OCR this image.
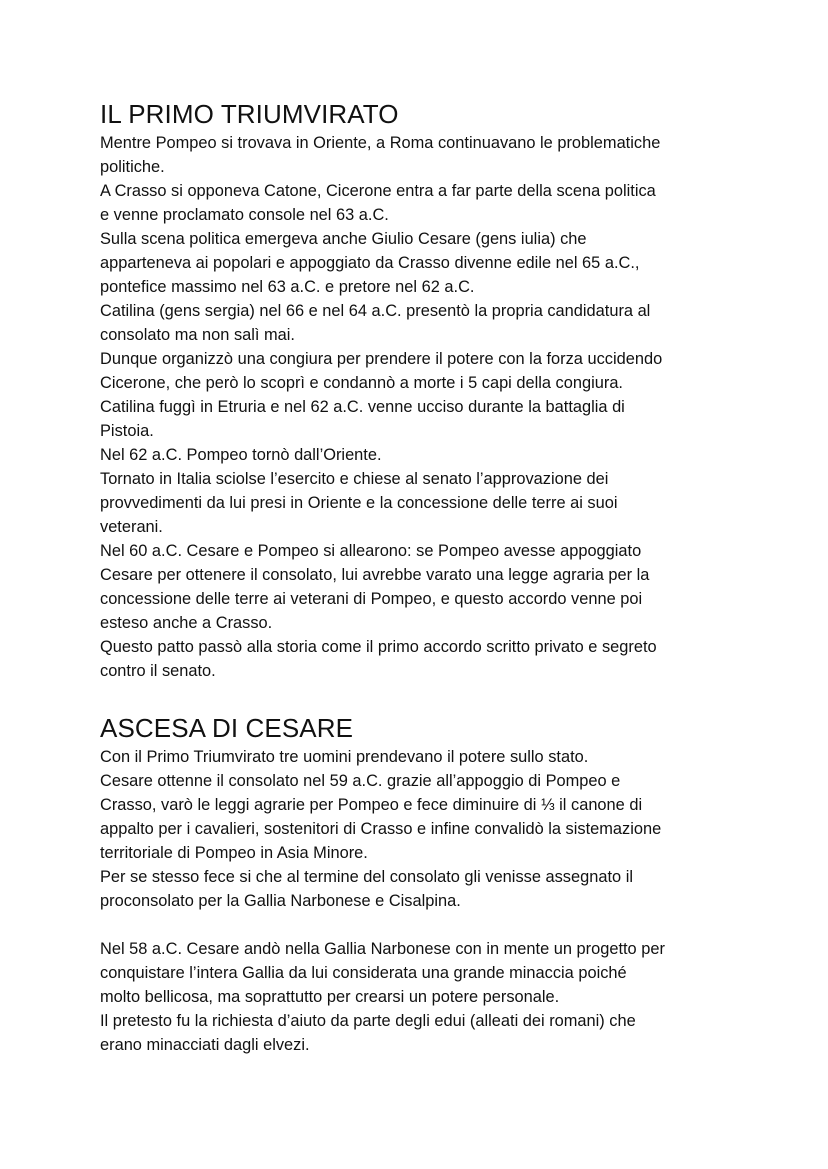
IL PRIMO TRIUMVIRATO

Mentre Pompeo si trovava in Oriente, a Roma continuavano le problematiche

politiche.

A Crasso si opponeva Catone, Cicerone entra a far parte della scena politica

e venne proclamato console nel 63 a.C.

Sulla scena politica emergeva anche Giulio Cesare (gens iulia) che

apparteneva ai popolari e appoggiato da Crasso divenne edile nel 65 a.C.,

pontefice massimo nel 63 a.C. e pretore nel 62 a.C.

Catilina (gens sergia) nel 66 e nel 64 a.C. presentò la propria candidatura al

consolato ma non salì mai.

Dunque organizzò una congiura per prendere il potere con la forza uccidendo

Cicerone, che però lo scoprì e condannò a morte i 5 capi della congiura.

Catilina fuggì in Etruria e nel 62 a.C. venne ucciso durante la battaglia di

Pistoia.

Nel 62 a.C. Pompeo tornò dall’Oriente.

Tornato in Italia sciolse l’esercito e chiese al senato l’approvazione dei

provvedimenti da lui presi in Oriente e la concessione delle terre ai suoi

veterani.

Nel 60 a.C. Cesare e Pompeo si allearono: se Pompeo avesse appoggiato

Cesare per ottenere il consolato, lui avrebbe varato una legge agraria per la

concessione delle terre ai veterani di Pompeo, e questo accordo venne poi

esteso anche a Crasso.

Questo patto passò alla storia come il primo accordo scritto privato e segreto

contro il senato.

ASCESA DI CESARE

Con il Primo Triumvirato tre uomini prendevano il potere sullo stato.

Cesare ottenne il consolato nel 59 a.C. grazie all’appoggio di Pompeo e

Crasso, varò le leggi agrarie per Pompeo e fece diminuire di ⅓ il canone di

appalto per i cavalieri, sostenitori di Crasso e infine convalidò la sistemazione

territoriale di Pompeo in Asia Minore.

Per se stesso fece si che al termine del consolato gli venisse assegnato il

proconsolato per la Gallia Narbonese e Cisalpina.

Nel 58 a.C. Cesare andò nella Gallia Narbonese con in mente un progetto per

conquistare l’intera Gallia da lui considerata una grande minaccia poiché

molto bellicosa, ma soprattutto per crearsi un potere personale.

Il pretesto fu la richiesta d’aiuto da parte degli edui (alleati dei romani) che

erano minacciati dagli elvezi.
